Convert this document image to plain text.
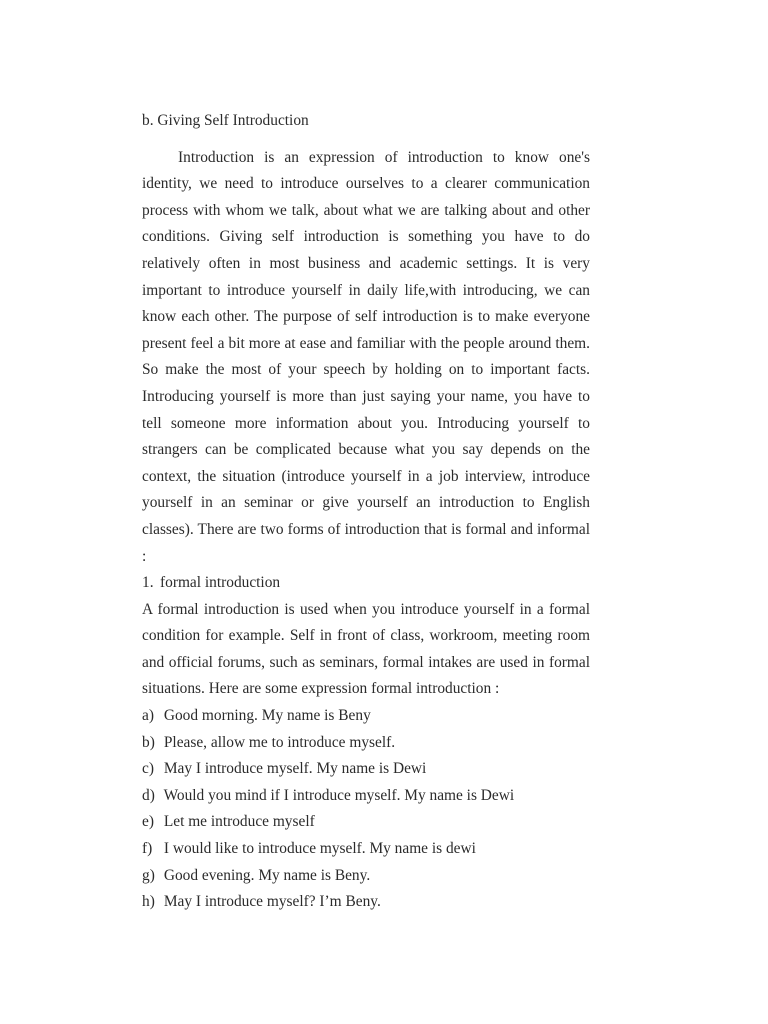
b. Giving Self Introduction

Introduction is an expression of introduction to know one's identity, we need to introduce ourselves to a clearer communication process with whom we talk, about what we are talking about and other conditions. Giving self introduction is something you have to do relatively often in most business and academic settings. It is very important to introduce yourself in daily life,with introducing, we can know each other. The purpose of self introduction is to make everyone present feel a bit more at ease and familiar with the people around them. So make the most of your speech by holding on to important facts. Introducing yourself is more than just saying your name, you have to tell someone more information about you. Introducing yourself to strangers can be complicated because what you say depends on the context, the situation (introduce yourself in a job interview, introduce yourself in an seminar or give yourself an introduction to English classes). There are two forms of introduction that is formal and informal :

1. formal introduction

A formal introduction is used when you introduce yourself in a formal condition for example. Self in front of class, workroom, meeting room and official forums, such as seminars, formal intakes are used in formal situations. Here are some expression formal introduction :

a) Good morning. My name is Beny
b) Please, allow me to introduce myself.
c) May I introduce myself. My name is Dewi
d) Would you mind if I introduce myself. My name is Dewi
e) Let me introduce myself
f) I would like to introduce myself. My name is dewi
g) Good evening. My name is Beny.
h) May I introduce myself? I’m Beny.
